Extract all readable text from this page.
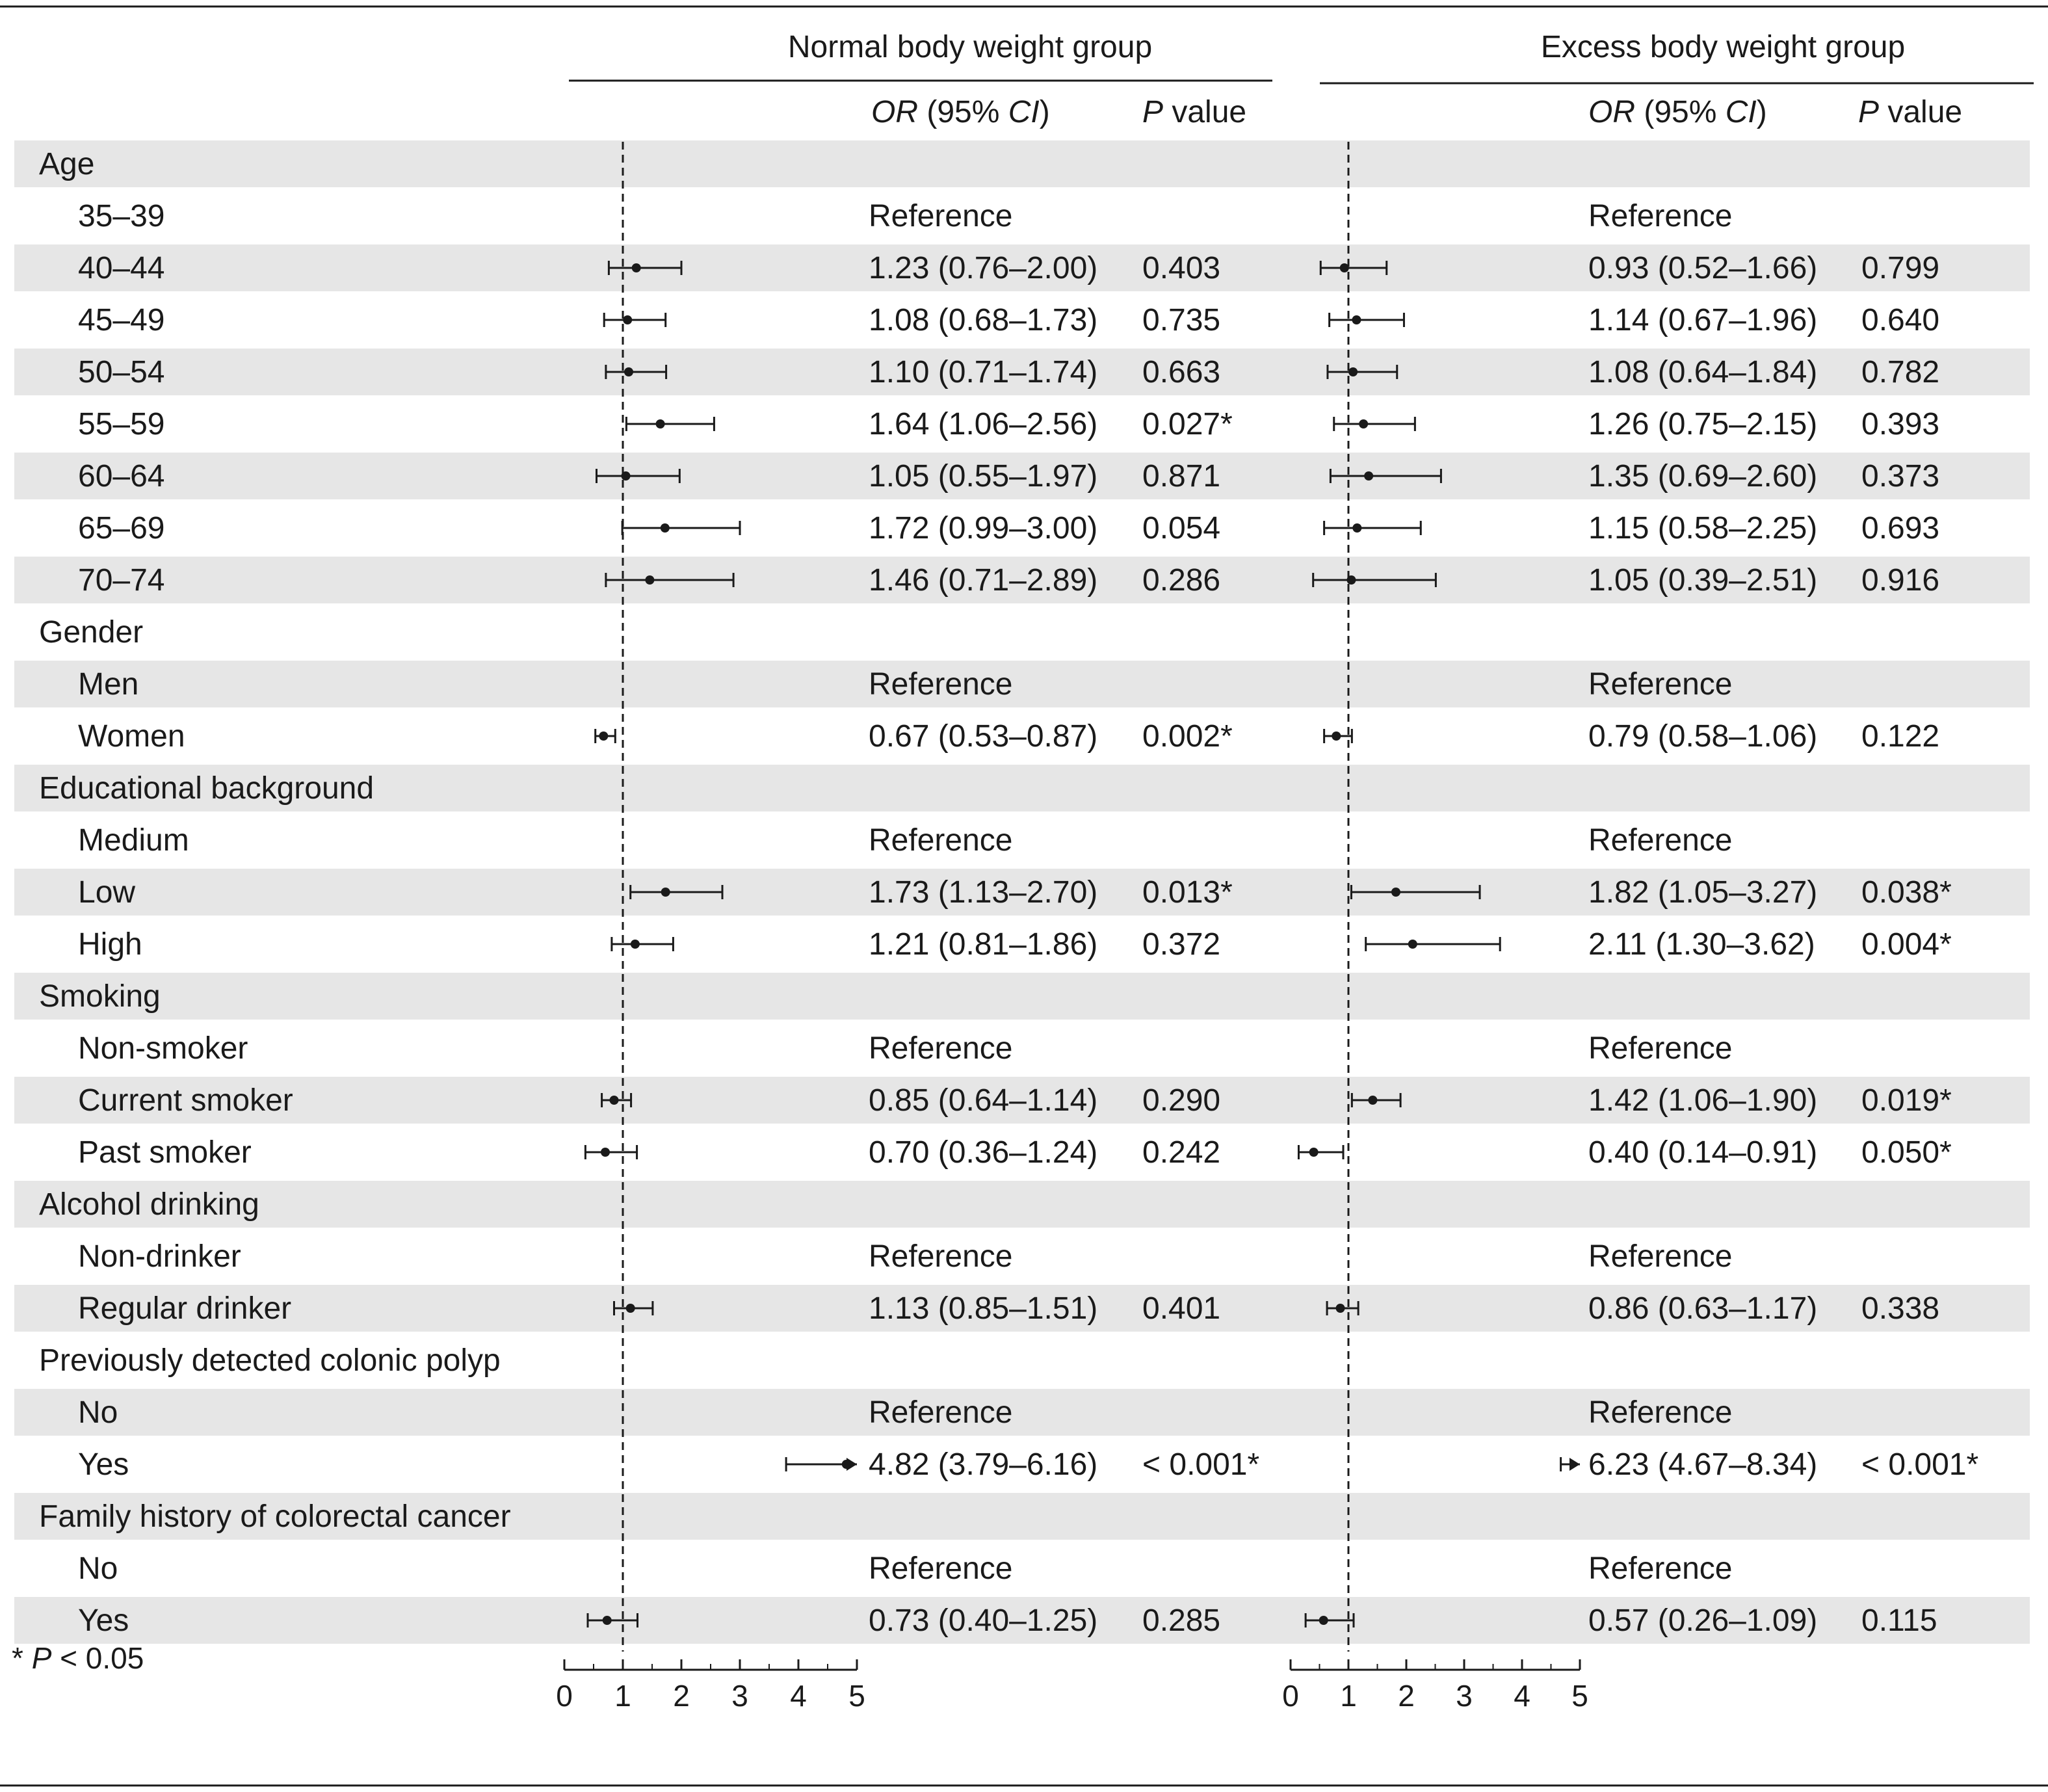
Normal body weight group	Excess body weight group
OR (95% CI)	P value	OR (95% CI)	P value
Age
35–39	Reference	Reference
40–44	1.23 (0.76–2.00) 0.403	0.93 (0.52–1.66) 0.799
45–49	1.08 (0.68–1.73) 0.735	1.14 (0.67–1.96) 0.640
50–54	1.10 (0.71–1.74) 0.663	1.08 (0.64–1.84) 0.782
55–59	1.64 (1.06–2.56) 0.027*	1.26 (0.75–2.15) 0.393
60–64	1.05 (0.55–1.97) 0.871	1.35 (0.69–2.60) 0.373
65–69	1.72 (0.99–3.00) 0.054	1.15 (0.58–2.25) 0.693
70–74	1.46 (0.71–2.89) 0.286	1.05 (0.39–2.51) 0.916
Gender
Men	Reference	Reference
Women	0.67 (0.53–0.87) 0.002*	0.79 (0.58–1.06) 0.122
Educational background
Medium	Reference	Reference
Low	1.73 (1.13–2.70) 0.013*	1.82 (1.05–3.27) 0.038*
High	1.21 (0.81–1.86) 0.372	2.11 (1.30–3.62) 0.004*
Smoking
Non-smoker	Reference	Reference
Current smoker	0.85 (0.64–1.14) 0.290	1.42 (1.06–1.90) 0.019*
Past smoker	0.70 (0.36–1.24) 0.242	0.40 (0.14–0.91) 0.050*
Alcohol drinking
Non-drinker	Reference	Reference
Regular drinker	1.13 (0.85–1.51) 0.401	0.86 (0.63–1.17) 0.338
Previously detected colonic polyp
No	Reference	Reference
Yes	4.82 (3.79–6.16) < 0.001*	6.23 (4.67–8.34) < 0.001*
Family history of colorectal cancer
No	Reference	Reference
Yes	0.73 (0.40–1.25) 0.285	0.57 (0.26–1.09) 0.115
0 1 2 3 4 5	0 1 2 3 4 5
* P < 0.05
